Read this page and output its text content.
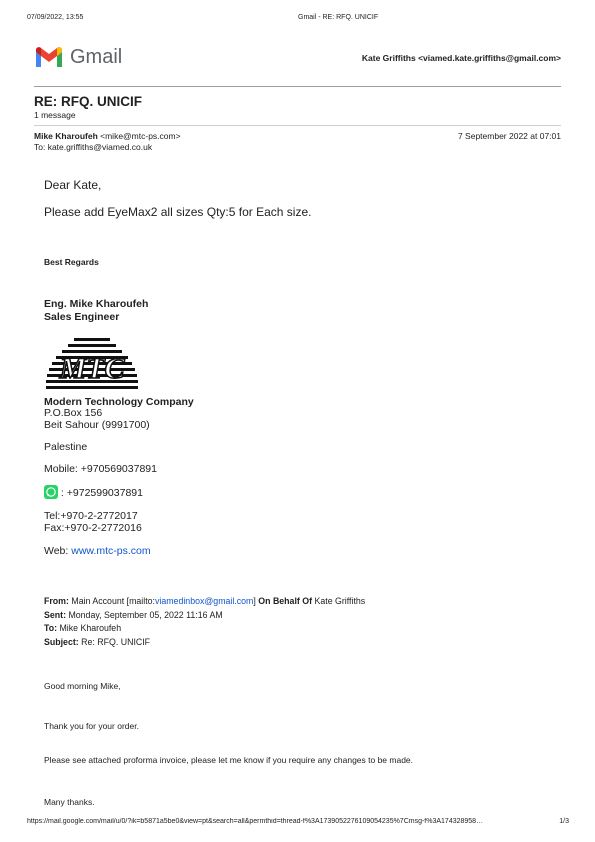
07/09/2022, 13:55	Gmail - RE: RFQ. UNICIF
Gmail	Kate Griffiths <viamed.kate.griffiths@gmail.com>
RE: RFQ. UNICIF
1 message
Mike Kharoufeh <mike@mtc-ps.com>	7 September 2022 at 07:01
To: kate.griffiths@viamed.co.uk
Dear Kate,
Please add EyeMax2 all sizes Qty:5 for Each size.
Best Regards
Eng. Mike Kharoufeh
Sales Engineer
MTC
Modern Technology Company
P.O.Box 156
Beit Sahour (9991700)
Palestine
Mobile: +970569037891
: +972599037891
Tel:+970-2-2772017
Fax:+970-2-2772016
Web: www.mtc-ps.com
From: Main Account [mailto:viamedinbox@gmail.com] On Behalf Of Kate Griffiths
Sent: Monday, September 05, 2022 11:16 AM
To: Mike Kharoufeh
Subject: Re: RFQ. UNICIF
Good morning Mike,
Thank you for your order.
Please see attached proforma invoice, please let me know if you require any changes to be made.
Many thanks.
https://mail.google.com/mail/u/0/?ik=b5871a5be0&view=pt&search=all&permthid=thread-f%3A1739052276109054235%7Cmsg-f%3A174328958…	1/3
